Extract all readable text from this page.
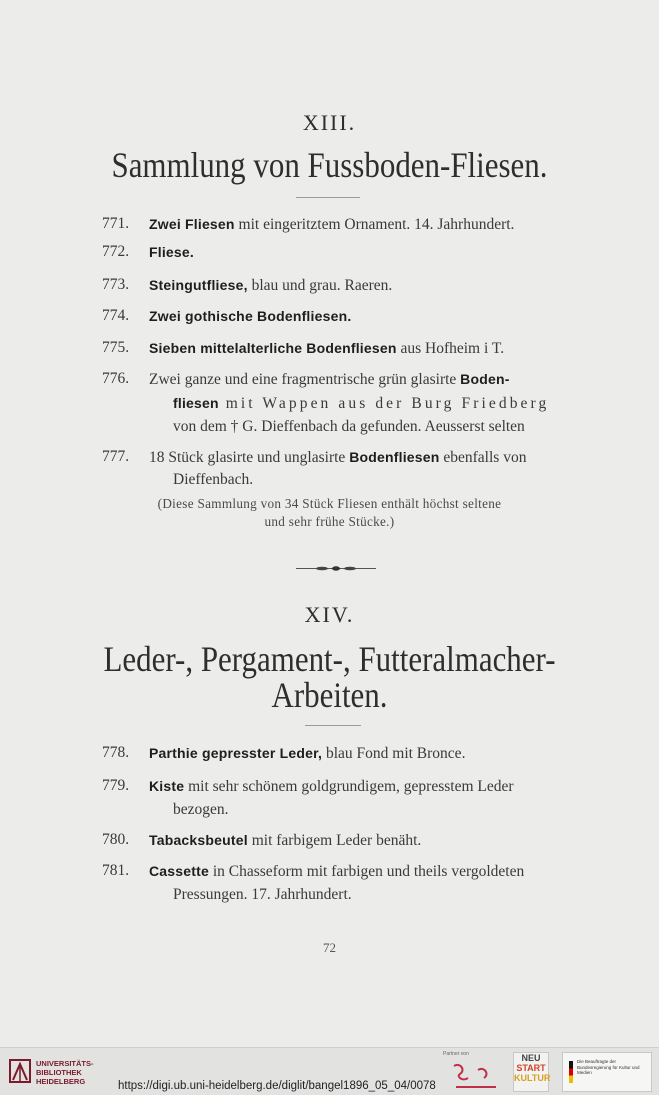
XIII.
Sammlung von Fussboden-Fliesen.
771. Zwei Fliesen mit eingeritztem Ornament. 14. Jahrhundert.
772. Fliese.
773. Steingutfliese, blau und grau. Raeren.
774. Zwei gothische Bodenfliesen.
775. Sieben mittelalterliche Bodenfliesen aus Hofheim i T.
776. Zwei ganze und eine fragmentrische grün glasirte Boden-
fliesen mit Wappen aus der Burg Friedberg
von dem † G. Dieffenbach da gefunden. Aeusserst selten
777. 18 Stück glasirte und unglasirte Bodenfliesen ebenfalls von
Dieffenbach.
(Diese Sammlung von 34 Stück Fliesen enthält höchst seltene
und sehr frühe Stücke.)
XIV.
Leder-, Pergament-, Futteralmacher-
Arbeiten.
778. Parthie gepresster Leder, blau Fond mit Bronce.
779. Kiste mit sehr schönem goldgrundigem, gepresstem Leder
bezogen.
780. Tabacksbeutel mit farbigem Leder benäht.
781. Cassette in Chasseform mit farbigen und theils vergoldeten
Pressungen. 17. Jahrhundert.
72
UNIVERSITÄTS-
BIBLIOTHEK
HEIDELBERG
Partner von	NEU
START
KULTUR
Die Beauftragte der Bundesregierung für Kultur und Medien
https://digi.ub.uni-heidelberg.de/diglit/bangel1896_05_04/0078
